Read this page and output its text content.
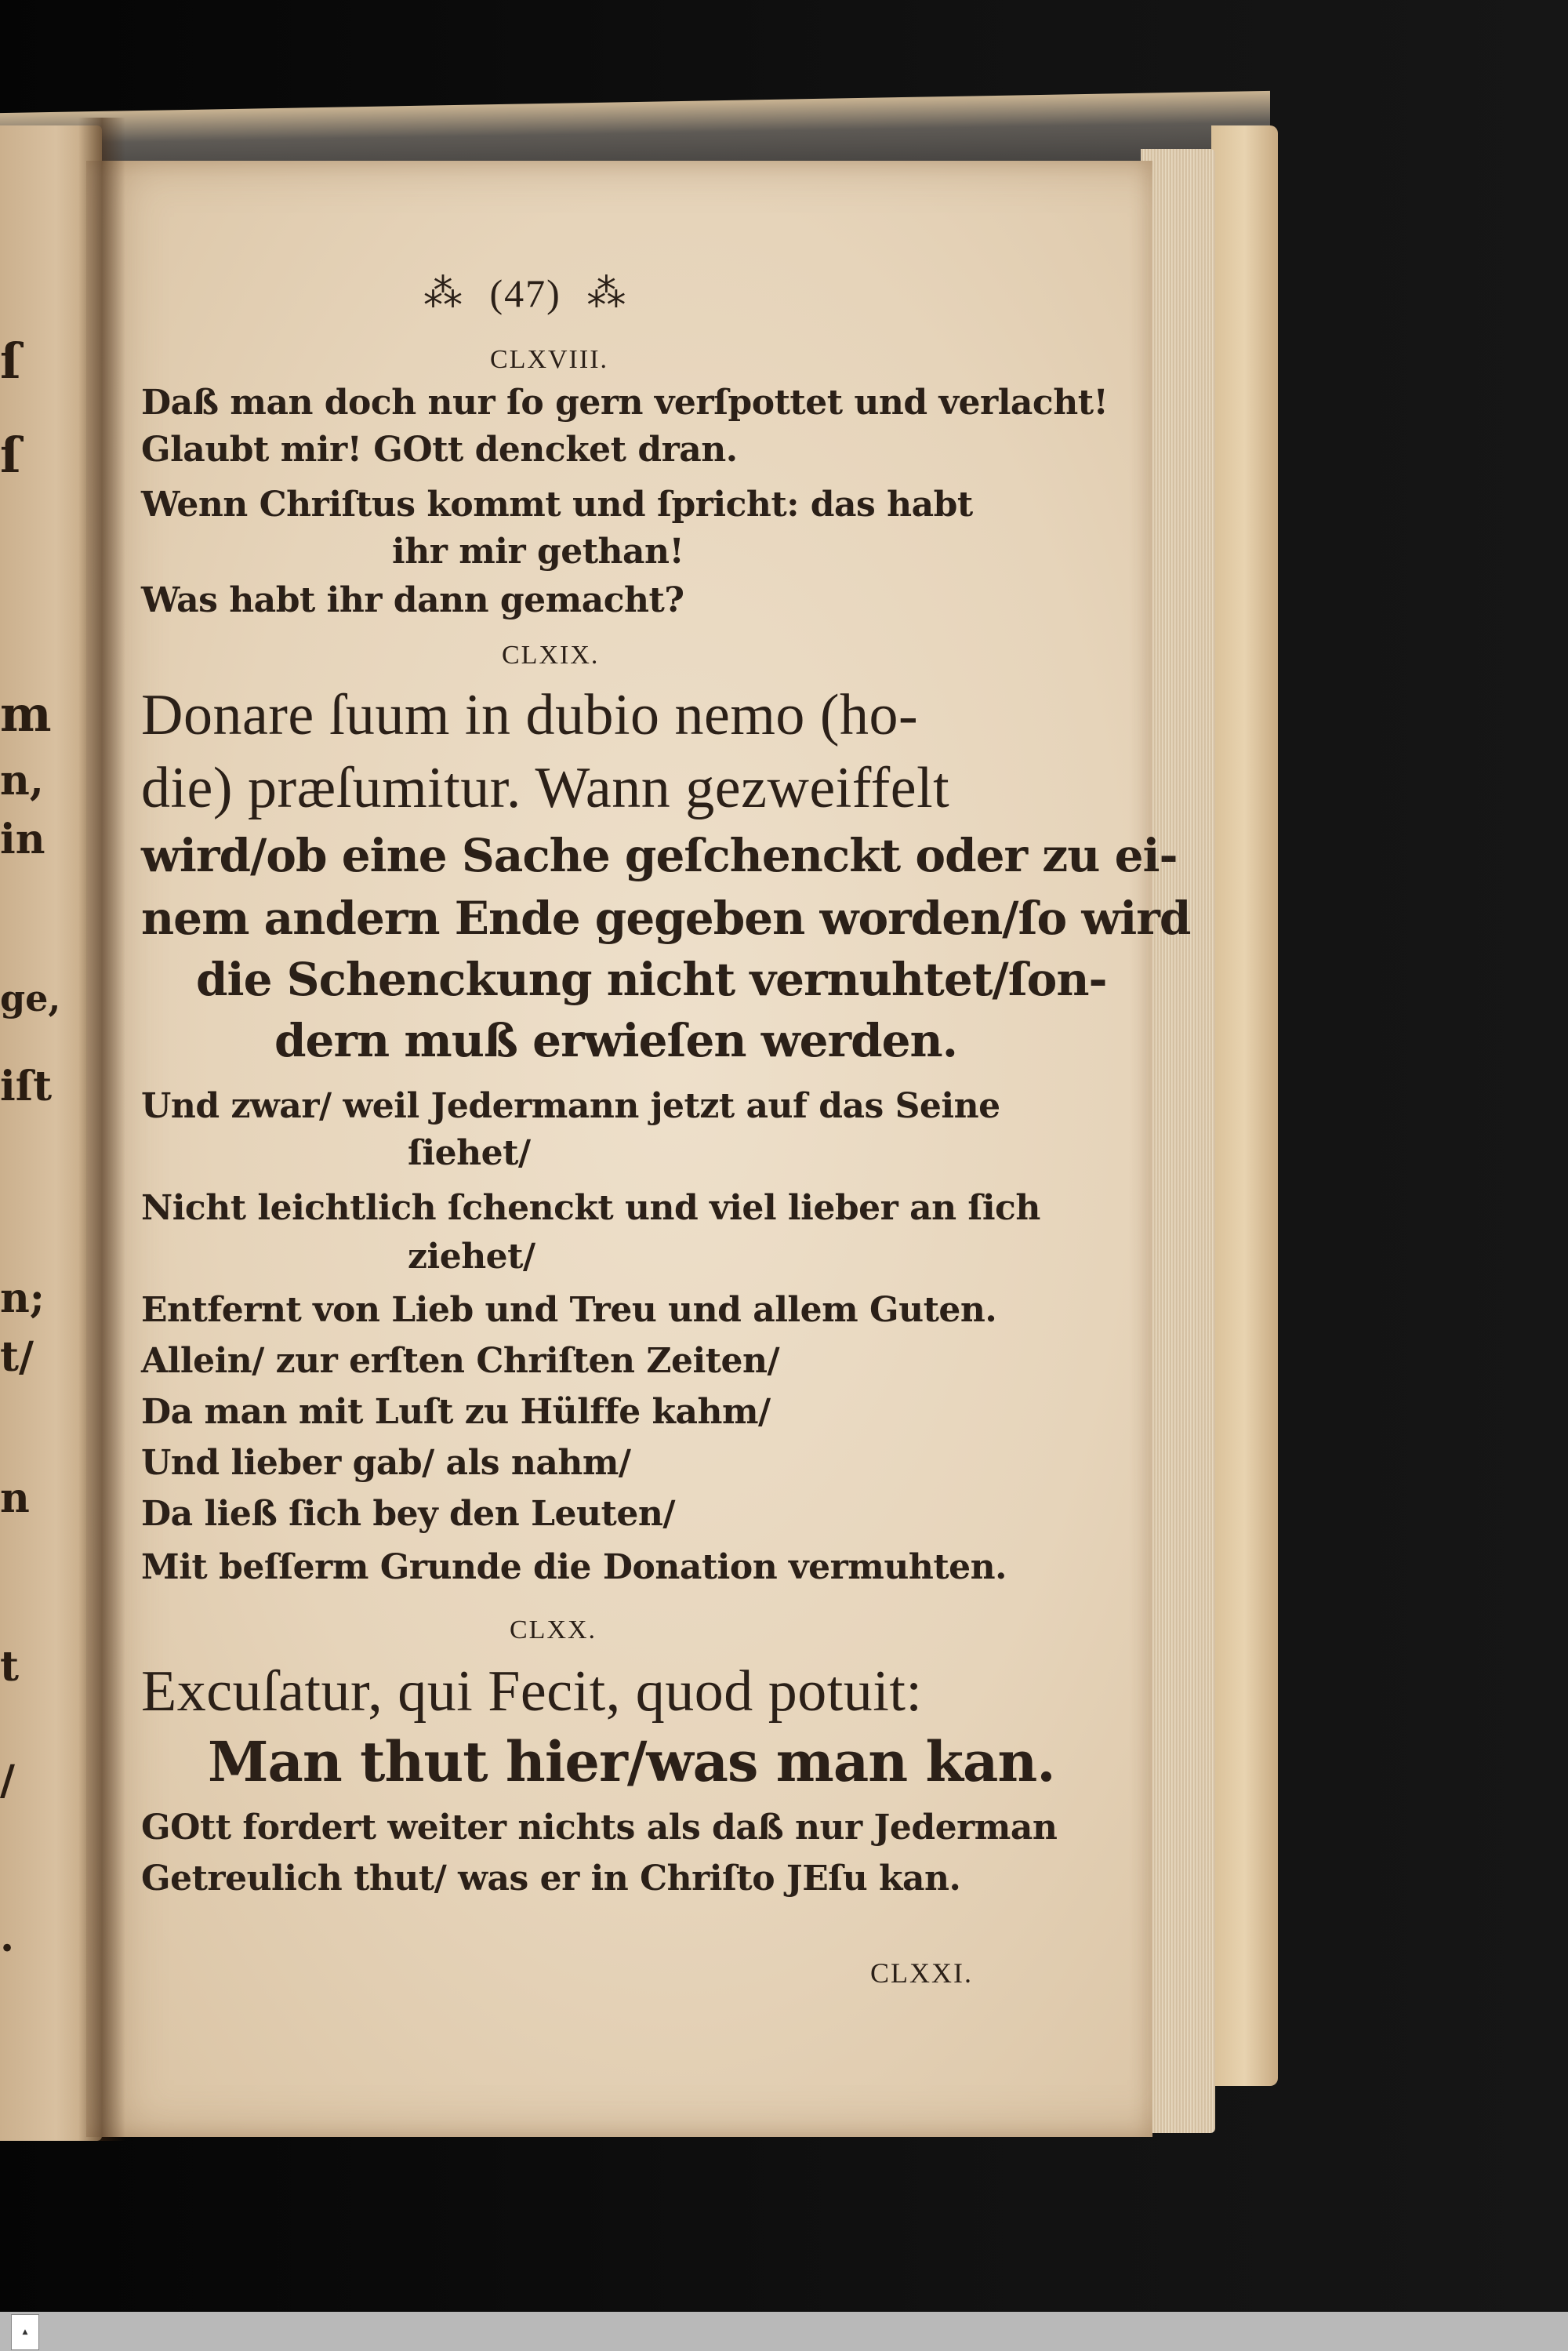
ſ
ſ
m
n,
in
ge,
iſt
n;
t/
n
t
/
.
⁂ (47) ⁂
CLXVIII.
Daß man doch nur ſo gern verſpottet und verlacht!
Glaubt mir! GOtt dencket dran.
Wenn Chriſtus kommt und ſpricht: das habt
ihr mir gethan!
Was habt ihr dann gemacht?
CLXIX.
Donare ſuum in dubio nemo (ho-
die) præſumitur. Wann gezweiffelt
wird/ob eine Sache geſchenckt oder zu ei-
nem andern Ende gegeben worden/ſo wird
die Schenckung nicht vernuhtet/ſon-
dern muß erwieſen werden.
Und zwar/ weil Jedermann jetzt auf das Seine
ſiehet/
Nicht leichtlich ſchenckt und viel lieber an ſich
ziehet/
Entfernt von Lieb und Treu und allem Guten.
Allein/ zur erſten Chriſten Zeiten/
Da man mit Luſt zu Hülffe kahm/
Und lieber gab/ als nahm/
Da ließ ſich bey den Leuten/
Mit beſſerm Grunde die Donation vermuhten.
CLXX.
Excuſatur, qui Fecit, quod potuit:
Man thut hier/was man kan.
GOtt fordert weiter nichts als daß nur Jederman
Getreulich thut/ was er in Chriſto JEſu kan.
CLXXI.
▲
